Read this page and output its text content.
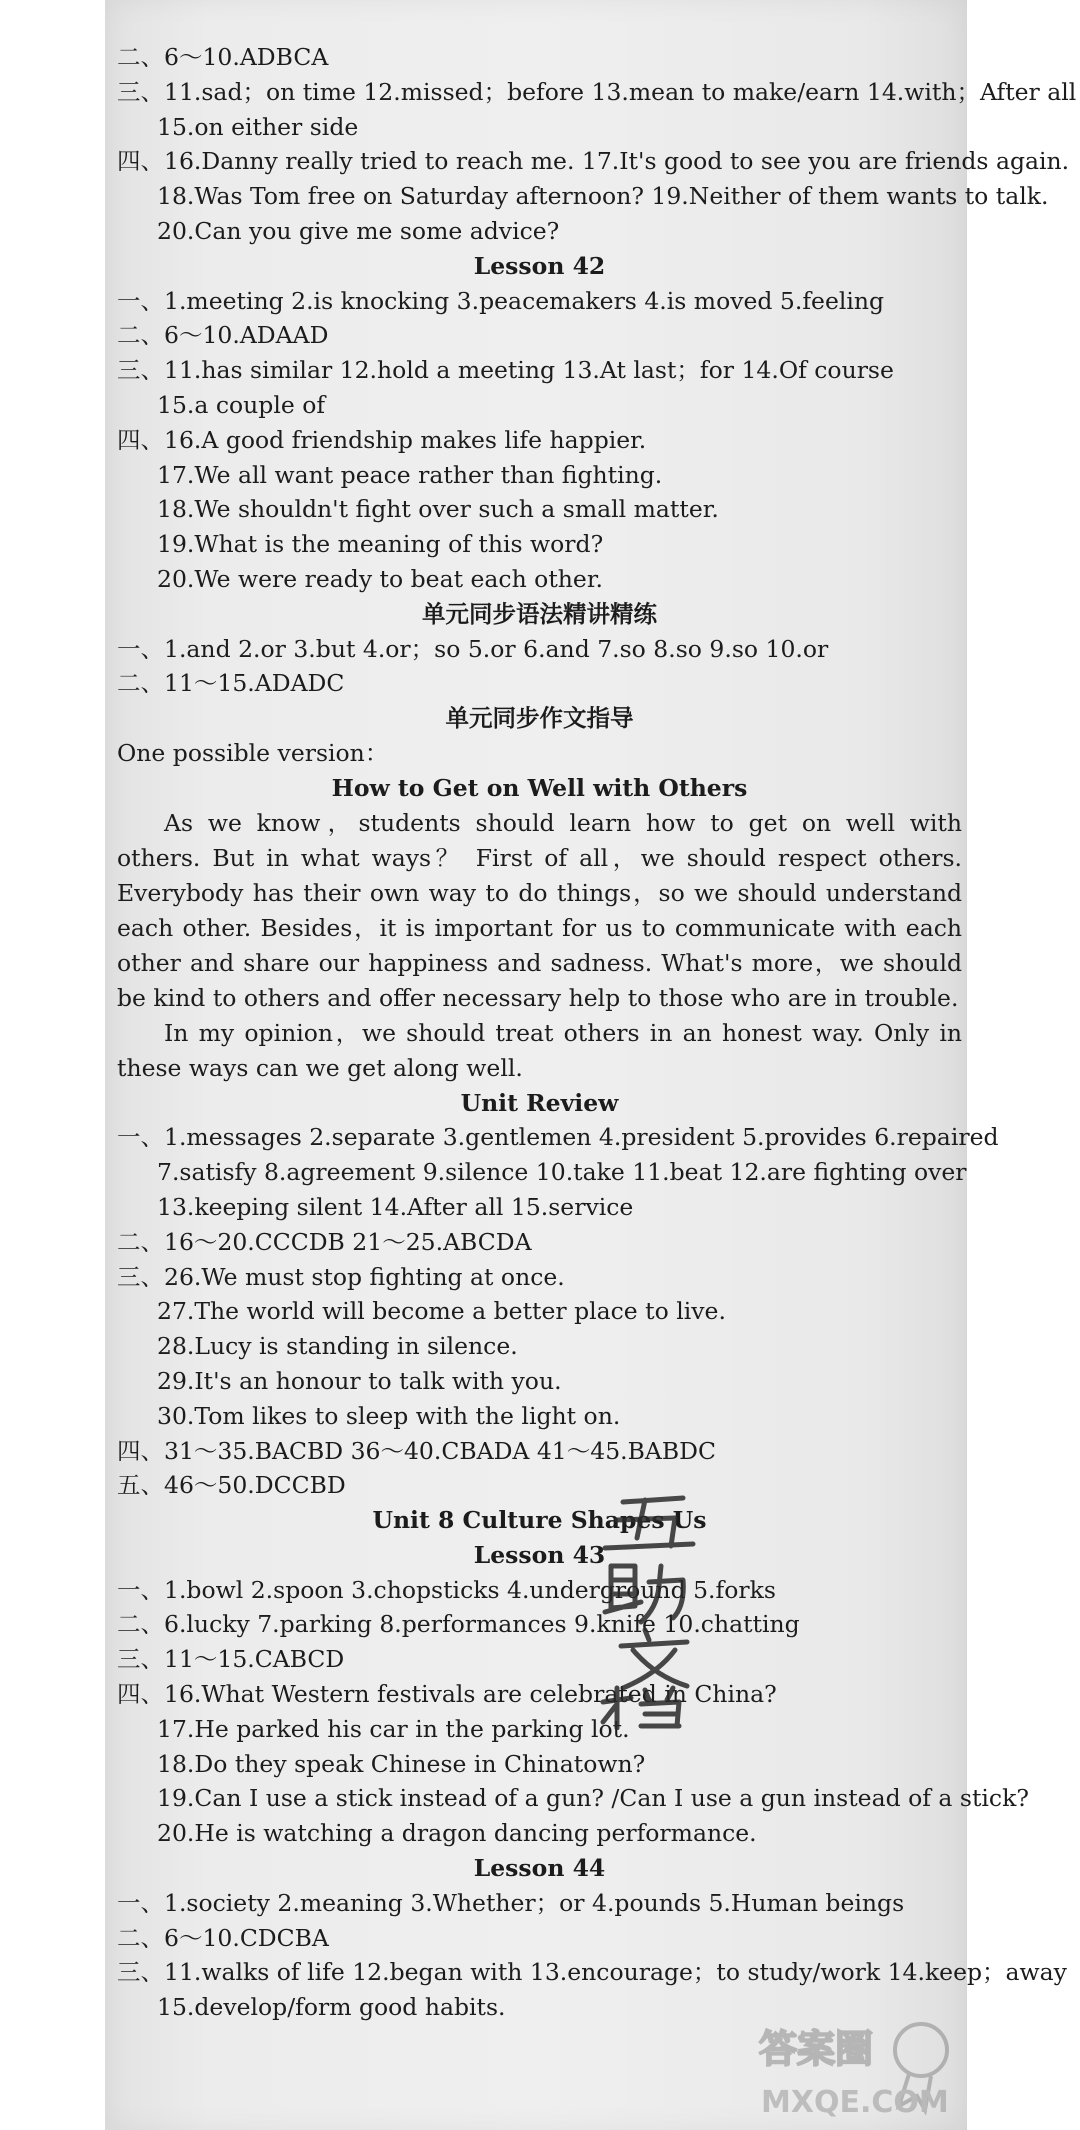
二、6～10.ADBCA
三、11.sad；on time 12.missed；before 13.mean to make/earn 14.with；After all
15.on either side
四、16.Danny really tried to reach me. 17.It's good to see you are friends again.
18.Was Tom free on Saturday afternoon? 19.Neither of them wants to talk.
20.Can you give me some advice?
Lesson 42
一、1.meeting 2.is knocking 3.peacemakers 4.is moved 5.feeling
二、6～10.ADAAD
三、11.has similar 12.hold a meeting 13.At last；for 14.Of course
15.a couple of
四、16.A good friendship makes life happier.
17.We all want peace rather than fighting.
18.We shouldn't fight over such a small matter.
19.What is the meaning of this word?
20.We were ready to beat each other.
单元同步语法精讲精练
一、1.and 2.or 3.but 4.or；so 5.or 6.and 7.so 8.so 9.so 10.or
二、11～15.ADADC
单元同步作文指导
One possible version：
How to Get on Well with Others
As we know，students should learn how to get on well with others. But in what ways？ First of all，we should respect others. Everybody has their own way to do things，so we should understand each other. Besides，it is important for us to communicate with each other and share our happiness and sadness. What's more，we should be kind to others and offer necessary help to those who are in trouble.
In my opinion，we should treat others in an honest way. Only in these ways can we get along well.
Unit Review
一、1.messages 2.separate 3.gentlemen 4.president 5.provides 6.repaired
7.satisfy 8.agreement 9.silence 10.take 11.beat 12.are fighting over
13.keeping silent 14.After all 15.service
二、16～20.CCCDB 21～25.ABCDA
三、26.We must stop fighting at once.
27.The world will become a better place to live.
28.Lucy is standing in silence.
29.It's an honour to talk with you.
30.Tom likes to sleep with the light on.
四、31～35.BACBD 36～40.CBADA 41～45.BABDC
五、46～50.DCCBD
Unit 8 Culture Shapes Us
Lesson 43
一、1.bowl 2.spoon 3.chopsticks 4.underground 5.forks
二、6.lucky 7.parking 8.performances 9.knife 10.chatting
三、11～15.CABCD
四、16.What Western festivals are celebrated in China?
17.He parked his car in the parking lot.
18.Do they speak Chinese in Chinatown?
19.Can I use a stick instead of a gun? /Can I use a gun instead of a stick?
20.He is watching a dragon dancing performance.
Lesson 44
一、1.society 2.meaning 3.Whether；or 4.pounds 5.Human beings
二、6～10.CDCBA
三、11.walks of life 12.began with 13.encourage；to study/work 14.keep；away
15.develop/form good habits.
答案圈
MXQE.COM
